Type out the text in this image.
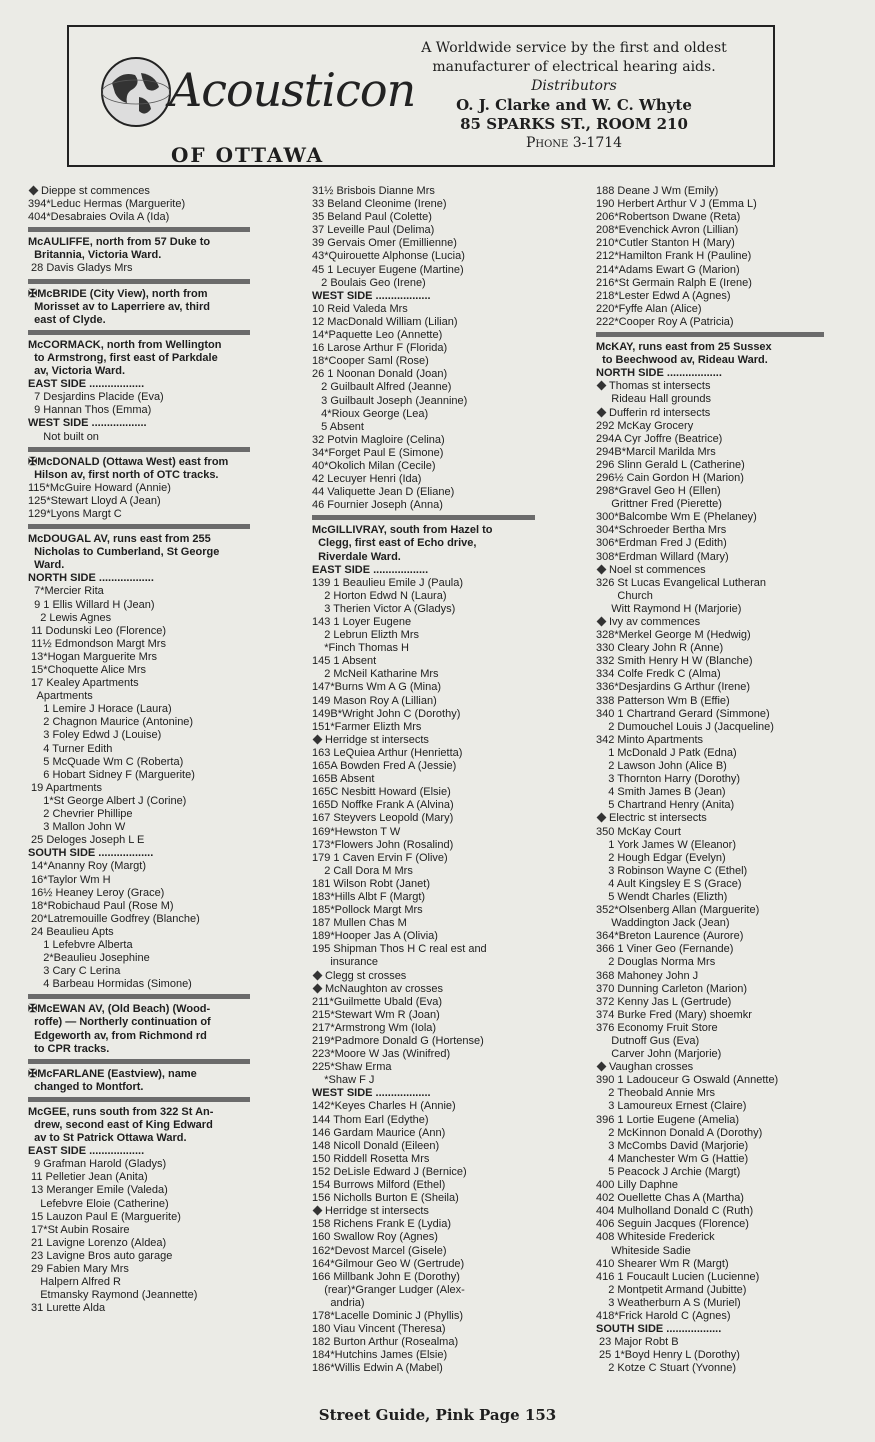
Acousticon
OF OTTAWA
A Worldwide service by the first and oldest
manufacturer of electrical hearing aids.
Distributors
O. J. Clarke and W. C. Whyte
85 SPARKS ST., ROOM 210
Phone 3-1714
Dieppe st commences
394*Leduc Hermas (Marguerite)
404*Desabraies Ovila A (Ida)
McAULIFFE, north from 57 Duke to
Britannia, Victoria Ward.
28 Davis Gladys Mrs
✠McBRIDE (City View), north from
Morisset av to Laperriere av, third
east of Clyde.
McCORMACK, north from Wellington
to Armstrong, first east of Parkdale
av, Victoria Ward.
EAST SIDE ..................
7 Desjardins Placide (Eva)
9 Hannan Thos (Emma)
WEST SIDE ..................
Not built on
✠McDONALD (Ottawa West) east from
Hilson av, first north of OTC tracks.
115*McGuire Howard (Annie)
125*Stewart Lloyd A (Jean)
129*Lyons Margt C
McDOUGAL AV, runs east from 255
Nicholas to Cumberland, St George
Ward.
NORTH SIDE ..................
7*Mercier Rita
9 1 Ellis Willard H (Jean)
2 Lewis Agnes
11 Dodunski Leo (Florence)
11½ Edmondson Margt Mrs
13*Hogan Marguerite Mrs
15*Choquette Alice Mrs
17 Kealey Apartments
Apartments
1 Lemire J Horace (Laura)
2 Chagnon Maurice (Antonine)
3 Foley Edwd J (Louise)
4 Turner Edith
5 McQuade Wm C (Roberta)
6 Hobart Sidney F (Marguerite)
19 Apartments
1*St George Albert J (Corine)
2 Chevrier Phillipe
3 Mallon John W
25 Deloges Joseph L E
SOUTH SIDE ..................
14*Ananny Roy (Margt)
16*Taylor Wm H
16½ Heaney Leroy (Grace)
18*Robichaud Paul (Rose M)
20*Latremouille Godfrey (Blanche)
24 Beaulieu Apts
1 Lefebvre Alberta
2*Beaulieu Josephine
3 Cary C Lerina
4 Barbeau Hormidas (Simone)
✠McEWAN AV, (Old Beach) (Wood-
roffe) — Northerly continuation of
Edgeworth av, from Richmond rd
to CPR tracks.
✠McFARLANE (Eastview), name
changed to Montfort.
McGEE, runs south from 322 St An-
drew, second east of King Edward
av to St Patrick Ottawa Ward.
EAST SIDE ..................
9 Grafman Harold (Gladys)
11 Pelletier Jean (Anita)
13 Meranger Emile (Valeda)
Lefebvre Eloie (Catherine)
15 Lauzon Paul E (Marguerite)
17*St Aubin Rosaire
21 Lavigne Lorenzo (Aldea)
23 Lavigne Bros auto garage
29 Fabien Mary Mrs
Halpern Alfred R
Etmansky Raymond (Jeannette)
31 Lurette Alda
31½ Brisbois Dianne Mrs
33 Beland Cleonime (Irene)
35 Beland Paul (Colette)
37 Leveille Paul (Delima)
39 Gervais Omer (Emillienne)
43*Quirouette Alphonse (Lucia)
45 1 Lecuyer Eugene (Martine)
2 Boulais Geo (Irene)
WEST SIDE ..................
10 Reid Valeda Mrs
12 MacDonald William (Lilian)
14*Paquette Leo (Annette)
16 Larose Arthur F (Florida)
18*Cooper Saml (Rose)
26 1 Noonan Donald (Joan)
2 Guilbault Alfred (Jeanne)
3 Guilbault Joseph (Jeannine)
4*Rioux George (Lea)
5 Absent
32 Potvin Magloire (Celina)
34*Forget Paul E (Simone)
40*Okolich Milan (Cecile)
42 Lecuyer Henri (Ida)
44 Valiquette Jean D (Eliane)
46 Fournier Joseph (Anna)
McGILLIVRAY, south from Hazel to
Clegg, first east of Echo drive,
Riverdale Ward.
EAST SIDE ..................
139 1 Beaulieu Emile J (Paula)
2 Horton Edwd N (Laura)
3 Therien Victor A (Gladys)
143 1 Loyer Eugene
2 Lebrun Elizth Mrs
*Finch Thomas H
145 1 Absent
2 McNeil Katharine Mrs
147*Burns Wm A G (Mina)
149 Mason Roy A (Lillian)
149B*Wright John C (Dorothy)
151*Farmer Elizth Mrs
Herridge st intersects
163 LeQuiea Arthur (Henrietta)
165A Bowden Fred A (Jessie)
165B Absent
165C Nesbitt Howard (Elsie)
165D Noffke Frank A (Alvina)
167 Steyvers Leopold (Mary)
169*Hewston T W
173*Flowers John (Rosalind)
179 1 Caven Ervin F (Olive)
2 Call Dora M Mrs
181 Wilson Robt (Janet)
183*Hills Albt F (Margt)
185*Pollock Margt Mrs
187 Mullen Chas M
189*Hooper Jas A (Olivia)
195 Shipman Thos H C real est and
insurance
Clegg st crosses
McNaughton av crosses
211*Guilmette Ubald (Eva)
215*Stewart Wm R (Joan)
217*Armstrong Wm (Iola)
219*Padmore Donald G (Hortense)
223*Moore W Jas (Winifred)
225*Shaw Erma
*Shaw F J
WEST SIDE ..................
142*Keyes Charles H (Annie)
144 Thom Earl (Edythe)
146 Gardam Maurice (Ann)
148 Nicoll Donald (Eileen)
150 Riddell Rosetta Mrs
152 DeLisle Edward J (Bernice)
154 Burrows Milford (Ethel)
156 Nicholls Burton E (Sheila)
Herridge st intersects
158 Richens Frank E (Lydia)
160 Swallow Roy (Agnes)
162*Devost Marcel (Gisele)
164*Gilmour Geo W (Gertrude)
166 Millbank John E (Dorothy)
(rear)*Granger Ludger (Alex-
andria)
178*Lacelle Dominic J (Phyllis)
180 Viau Vincent (Theresa)
182 Burton Arthur (Rosealma)
184*Hutchins James (Elsie)
186*Willis Edwin A (Mabel)
188 Deane J Wm (Emily)
190 Herbert Arthur V J (Emma L)
206*Robertson Dwane (Reta)
208*Evenchick Avron (Lillian)
210*Cutler Stanton H (Mary)
212*Hamilton Frank H (Pauline)
214*Adams Ewart G (Marion)
216*St Germain Ralph E (Irene)
218*Lester Edwd A (Agnes)
220*Fyffe Alan (Alice)
222*Cooper Roy A (Patricia)
McKAY, runs east from 25 Sussex
to Beechwood av, Rideau Ward.
NORTH SIDE ..................
Thomas st intersects
Rideau Hall grounds
Dufferin rd intersects
292 McKay Grocery
294A Cyr Joffre (Beatrice)
294B*Marcil Marilda Mrs
296 Slinn Gerald L (Catherine)
296½ Cain Gordon H (Marion)
298*Gravel Geo H (Ellen)
Grittner Fred (Pierette)
300*Balcombe Wm E (Phelaney)
304*Schroeder Bertha Mrs
306*Erdman Fred J (Edith)
308*Erdman Willard (Mary)
Noel st commences
326 St Lucas Evangelical Lutheran
Church
Witt Raymond H (Marjorie)
Ivy av commences
328*Merkel George M (Hedwig)
330 Cleary John R (Anne)
332 Smith Henry H W (Blanche)
334 Colfe Fredk C (Alma)
336*Desjardins G Arthur (Irene)
338 Patterson Wm B (Effie)
340 1 Chartrand Gerard (Simmone)
2 Dumouchel Louis J (Jacqueline)
342 Minto Apartments
1 McDonald J Patk (Edna)
2 Lawson John (Alice B)
3 Thornton Harry (Dorothy)
4 Smith James B (Jean)
5 Chartrand Henry (Anita)
Electric st intersects
350 McKay Court
1 York James W (Eleanor)
2 Hough Edgar (Evelyn)
3 Robinson Wayne C (Ethel)
4 Ault Kingsley E S (Grace)
5 Wendt Charles (Elizth)
352*Olsenberg Allan (Marguerite)
Waddington Jack (Jean)
364*Breton Laurence (Aurore)
366 1 Viner Geo (Fernande)
2 Douglas Norma Mrs
368 Mahoney John J
370 Dunning Carleton (Marion)
372 Kenny Jas L (Gertrude)
374 Burke Fred (Mary) shoemkr
376 Economy Fruit Store
Dutnoff Gus (Eva)
Carver John (Marjorie)
Vaughan crosses
390 1 Ladouceur G Oswald (Annette)
2 Theobald Annie Mrs
3 Lamoureux Ernest (Claire)
396 1 Lortie Eugene (Amelia)
2 McKinnon Donald A (Dorothy)
3 McCombs David (Marjorie)
4 Manchester Wm G (Hattie)
5 Peacock J Archie (Margt)
400 Lilly Daphne
402 Ouellette Chas A (Martha)
404 Mulholland Donald C (Ruth)
406 Seguin Jacques (Florence)
408 Whiteside Frederick
Whiteside Sadie
410 Shearer Wm R (Margt)
416 1 Foucault Lucien (Lucienne)
2 Montpetit Armand (Jubitte)
3 Weatherburn A S (Muriel)
418*Frick Harold C (Agnes)
SOUTH SIDE ..................
23 Major Robt B
25 1*Boyd Henry L (Dorothy)
2 Kotze C Stuart (Yvonne)
Street Guide, Pink Page 153
